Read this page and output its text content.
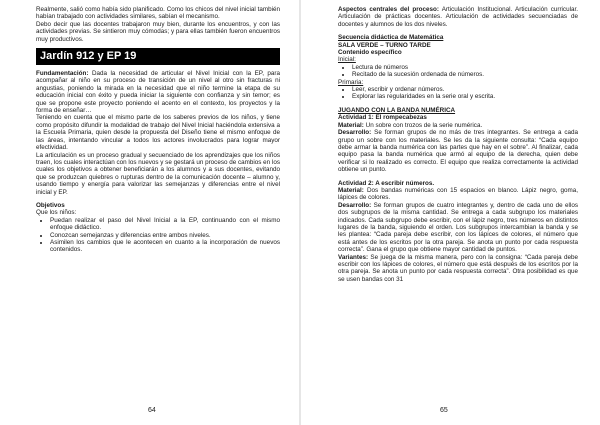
Realmente, salió como había sido planificado. Como los chicos del nivel inicial también habían trabajado con actividades similares, sabían el mecanismo.

Debo decir que las docentes trabajaron muy bien, durante los encuentros, y con las actividades previas. Se sintieron muy cómodas; y para ellas también fueron encuentros muy productivos.

Jardín 912 y EP 19

Fundamentación: Dada la necesidad de articular el Nivel Inicial con la EP, para acompañar al niño en su proceso de transición de un nivel al otro sin fracturas ni angustias, poniendo la mirada en la necesidad que el niño termine la etapa de su educación inicial con éxito y pueda iniciar la siguiente con confianza y sin temor; es que se propone este proyecto poniendo el acento en el contexto, los proyectos y la forma de enseñar…

Teniendo en cuenta que el mismo parte de los saberes previos de los niños, y tiene como propósito difundir la modalidad de trabajo del Nivel Inicial haciéndola extensiva a la Escuela Primaria, quien desde la propuesta del Diseño tiene el mismo enfoque de las áreas, intentando vincular a todos los actores involucrados para lograr mayor efectividad.

La articulación es un proceso gradual y secuenciado de los aprendizajes que los niños traen, los cuales interactúan con los nuevos y se gestará un proceso de cambios en los cuales los objetivos a obtener beneficiarán a los alumnos y a sus docentes, evitando que se produzcan quiebres o rupturas dentro de la comunicación docente – alumno y, usando tiempo y energía para valorizar las semejanzas y diferencias entre el nivel inicial y EP.

Objetivos

Que los niños:

• Puedan realizar el paso del Nivel Inicial a la EP, continuando con el mismo enfoque didáctico.
• Conozcan semejanzas y diferencias entre ambos niveles.
• Asimilen los cambios que le acontecen en cuanto a la incorporación de nuevos contenidos.
64

Aspectos centrales del proceso: Articulación Institucional. Articulación curricular. Articulación de prácticas docentes. Articulación de actividades secuenciadas de docentes y alumnos de los dos niveles.

Secuencia didáctica de Matemática

SALA VERDE – TURNO TARDE

Contenido específico

Inicial:

• Lectura de números
• Recitado de la sucesión ordenada de números.

Primaria:

• Leer, escribir y ordenar números.
• Explorar las regularidades en la serie oral y escrita.

JUGANDO CON LA BANDA NUMÉRICA

Actividad 1: El rompecabezas

Material: Un sobre con trozos de la serie numérica.

Desarrollo: Se forman grupos de no más de tres integrantes. Se entrega a cada grupo un sobre con los materiales. Se les da la siguiente consulta: “Cada equipo debe armar la banda numérica con las partes que hay en el sobre”. Al finalizar, cada equipo pasa la banda numérica que armó al equipo de la derecha, quien debe verificar si lo realizado es correcto. El equipo que realiza correctamente la actividad obtiene un punto.

Actividad 2: A escribir números.

Material: Dos bandas numéricas con 15 espacios en blanco. Lápiz negro, goma, lápices de colores.

Desarrollo: Se forman grupos de cuatro integrantes y, dentro de cada uno de ellos dos subgrupos de la misma cantidad. Se entrega a cada subgrupo los materiales indicados. Cada subgrupo debe escribir, con el lápiz negro, tres números en distintos lugares de la banda, siguiendo el orden. Los subgrupos intercambian la banda y se les plantea: “Cada pareja debe escribir, con los lápices de colores, el número que está antes de los escritos por la otra pareja. Se anota un punto por cada respuesta correcta”. Gana el grupo que obtiene mayor cantidad de puntos.

Variantes: Se juega de la misma manera, pero con la consigna: “Cada pareja debe escribir con los lápices de colores, el número que está después de los escritos por la otra pareja. Se anota un punto por cada respuesta correcta”. Otra posibilidad es que se usen bandas con 31

65
